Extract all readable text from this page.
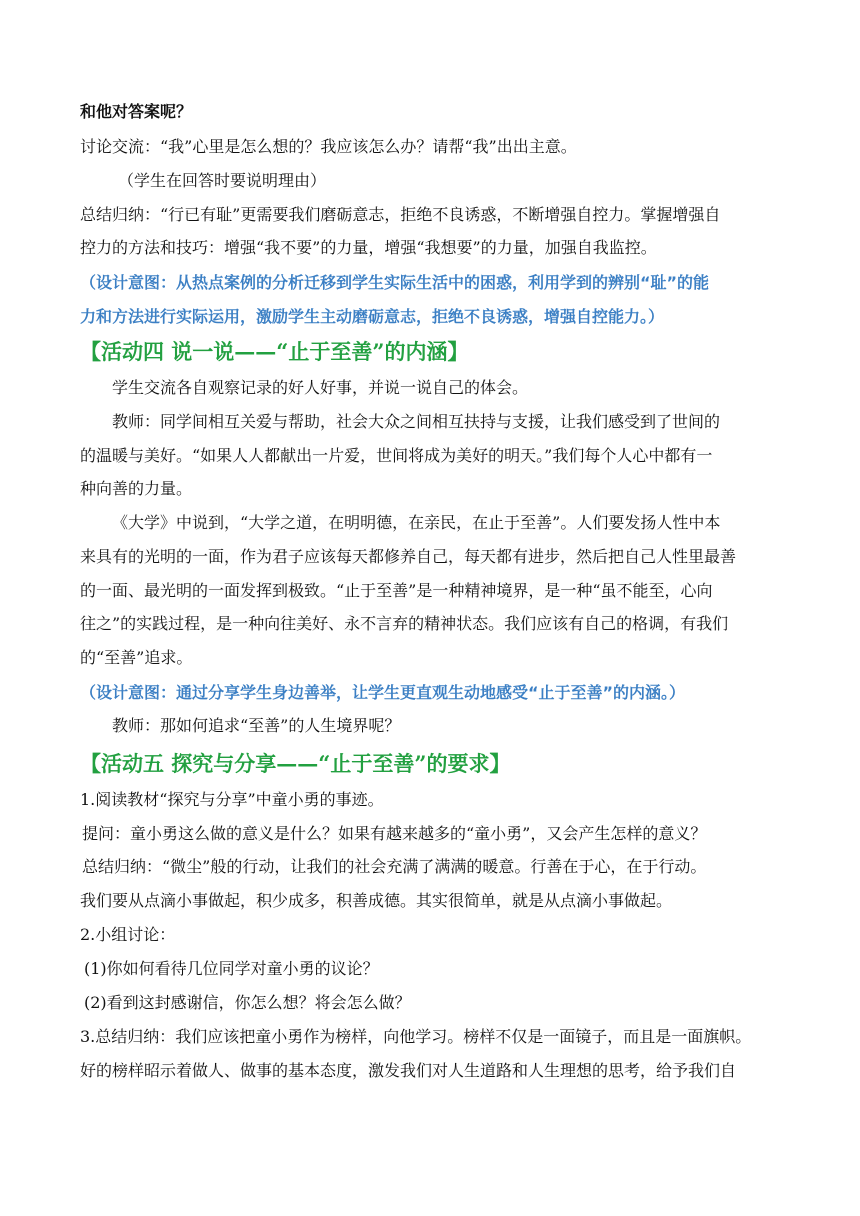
和他对答案呢？
讨论交流：“我”心里是怎么想的？我应该怎么办？请帮“我”出出主意。
（学生在回答时要说明理由）
总结归纳：“行已有耻”更需要我们磨砺意志，拒绝不良诱惑，不断增强自控力。掌握增强自
控力的方法和技巧：增强“我不要”的力量，增强“我想要”的力量，加强自我监控。
（设计意图：从热点案例的分析迁移到学生实际生活中的困惑，利用学到的辨别“耻”的能
力和方法进行实际运用，激励学生主动磨砺意志，拒绝不良诱惑，增强自控能力。）
【活动四 说一说——“止于至善”的内涵】
学生交流各自观察记录的好人好事，并说一说自己的体会。
教师：同学间相互关爱与帮助，社会大众之间相互扶持与支援，让我们感受到了世间的
的温暖与美好。“如果人人都献出一片爱，世间将成为美好的明天。”我们每个人心中都有一
种向善的力量。
《大学》中说到，“大学之道，在明明德，在亲民，在止于至善”。人们要发扬人性中本
来具有的光明的一面，作为君子应该每天都修养自己，每天都有进步，然后把自己人性里最善
的一面、最光明的一面发挥到极致。“止于至善”是一种精神境界，是一种“虽不能至，心向
往之”的实践过程，是一种向往美好、永不言弃的精神状态。我们应该有自己的格调，有我们
的“至善”追求。
（设计意图：通过分享学生身边善举，让学生更直观生动地感受“止于至善”的内涵。）
教师：那如何追求“至善”的人生境界呢？
【活动五 探究与分享——“止于至善”的要求】
1.阅读教材“探究与分享”中童小勇的事迹。
提问：童小勇这么做的意义是什么？如果有越来越多的“童小勇”，又会产生怎样的意义？
总结归纳：“微尘”般的行动，让我们的社会充满了满满的暖意。行善在于心，在于行动。
我们要从点滴小事做起，积少成多，积善成德。其实很简单，就是从点滴小事做起。
2.小组讨论：
(1)你如何看待几位同学对童小勇的议论？
(2)看到这封感谢信，你怎么想？将会怎么做？
3.总结归纳：我们应该把童小勇作为榜样，向他学习。榜样不仅是一面镜子，而且是一面旗帜。
好的榜样昭示着做人、做事的基本态度，激发我们对人生道路和人生理想的思考，给予我们自
